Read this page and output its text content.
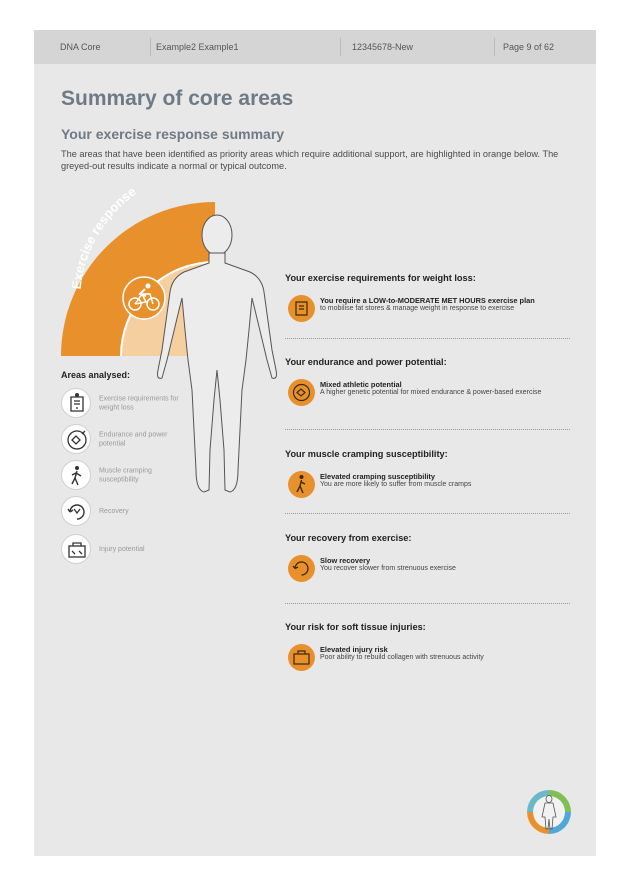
DNA Core	Example2 Example1	12345678-New	Page 9 of 62
Summary of core areas
Your exercise response summary
The areas that have been identified as priority areas which require additional support, are highlighted in orange below. The greyed-out results indicate a normal or typical outcome.
Exercise response
Areas analysed:
Exercise requirements for weight loss
Endurance and power potential
Muscle cramping susceptibility
Recovery
Injury potential
Your exercise requirements for weight loss:
You require a LOW-to-MODERATE MET HOURS exercise plan
to mobilise fat stores & manage weight in response to exercise
Your endurance and power potential:
Mixed athletic potential
A higher genetic potential for mixed endurance & power-based exercise
Your muscle cramping susceptibility:
Elevated cramping susceptibility
You are more likely to suffer from muscle cramps
Your recovery from exercise:
Slow recovery
You recover slower from strenuous exercise
Your risk for soft tissue injuries:
Elevated injury risk
Poor ability to rebuild collagen with strenuous activity
